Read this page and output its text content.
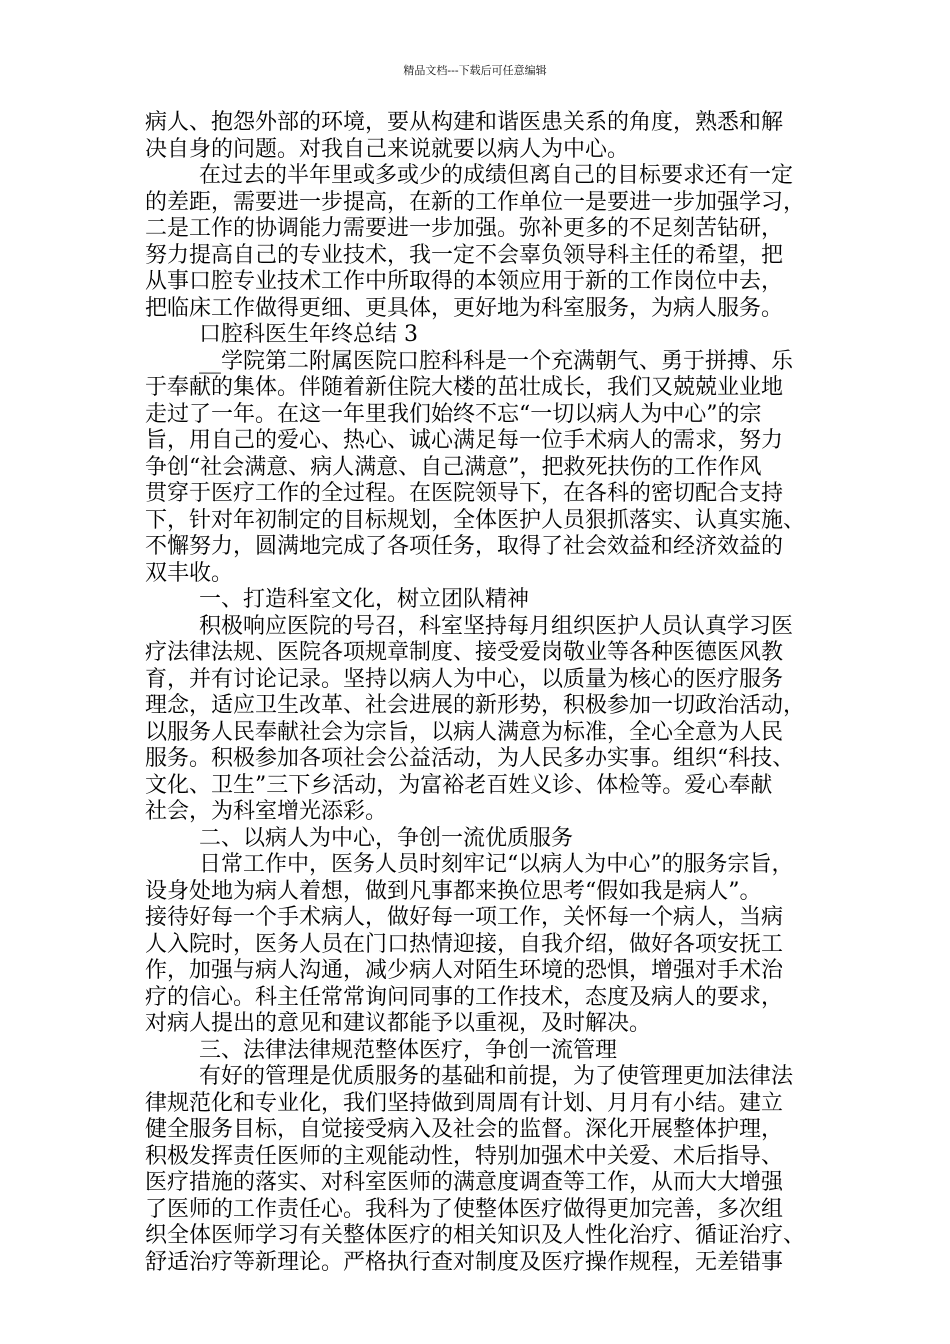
精品文档---下载后可任意编辑
病人、抱怨外部的环境，要从构建和谐医患关系的角度，熟悉和解
决自身的问题。对我自己来说就要以病人为中心。
在过去的半年里或多或少的成绩但离自己的目标要求还有一定
的差距，需要进一步提高，在新的工作单位一是要进一步加强学习，
二是工作的协调能力需要进一步加强。弥补更多的不足刻苦钻研，
努力提高自己的专业技术，我一定不会辜负领导科主任的希望，把
从事口腔专业技术工作中所取得的本领应用于新的工作岗位中去，
把临床工作做得更细、更具体，更好地为科室服务，为病人服务。
口腔科医生年终总结 3
__学院第二附属医院口腔科科是一个充满朝气、勇于拼搏、乐
于奉献的集体。伴随着新住院大楼的茁壮成长，我们又兢兢业业地
走过了一年。在这一年里我们始终不忘“一切以病人为中心”的宗
旨，用自己的爱心、热心、诚心满足每一位手术病人的需求，努力
争创“社会满意、病人满意、自己满意”，把救死扶伤的工作作风
贯穿于医疗工作的全过程。在医院领导下，在各科的密切配合支持
下，针对年初制定的目标规划，全体医护人员狠抓落实、认真实施、
不懈努力，圆满地完成了各项任务，取得了社会效益和经济效益的
双丰收。
一、打造科室文化，树立团队精神
积极响应医院的号召，科室坚持每月组织医护人员认真学习医
疗法律法规、医院各项规章制度、接受爱岗敬业等各种医德医风教
育，并有讨论记录。坚持以病人为中心，以质量为核心的医疗服务
理念，适应卫生改革、社会进展的新形势，积极参加一切政治活动，
以服务人民奉献社会为宗旨，以病人满意为标准，全心全意为人民
服务。积极参加各项社会公益活动，为人民多办实事。组织“科技、
文化、卫生”三下乡活动，为富裕老百姓义诊、体检等。爱心奉献
社会，为科室增光添彩。
二、以病人为中心，争创一流优质服务
日常工作中，医务人员时刻牢记“以病人为中心”的服务宗旨，
设身处地为病人着想，做到凡事都来换位思考“假如我是病人”。
接待好每一个手术病人，做好每一项工作，关怀每一个病人，当病
人入院时，医务人员在门口热情迎接，自我介绍，做好各项安抚工
作，加强与病人沟通，减少病人对陌生环境的恐惧，增强对手术治
疗的信心。科主任常常询问同事的工作技术，态度及病人的要求，
对病人提出的意见和建议都能予以重视，及时解决。
三、法律法律规范整体医疗，争创一流管理
有好的管理是优质服务的基础和前提，为了使管理更加法律法
律规范化和专业化，我们坚持做到周周有计划、月月有小结。建立
健全服务目标，自觉接受病入及社会的监督。深化开展整体护理，
积极发挥责任医师的主观能动性，特别加强术中关爱、术后指导、
医疗措施的落实、对科室医师的满意度调查等工作，从而大大增强
了医师的工作责任心。我科为了使整体医疗做得更加完善，多次组
织全体医师学习有关整体医疗的相关知识及人性化治疗、循证治疗、
舒适治疗等新理论。严格执行查对制度及医疗操作规程，无差错事
